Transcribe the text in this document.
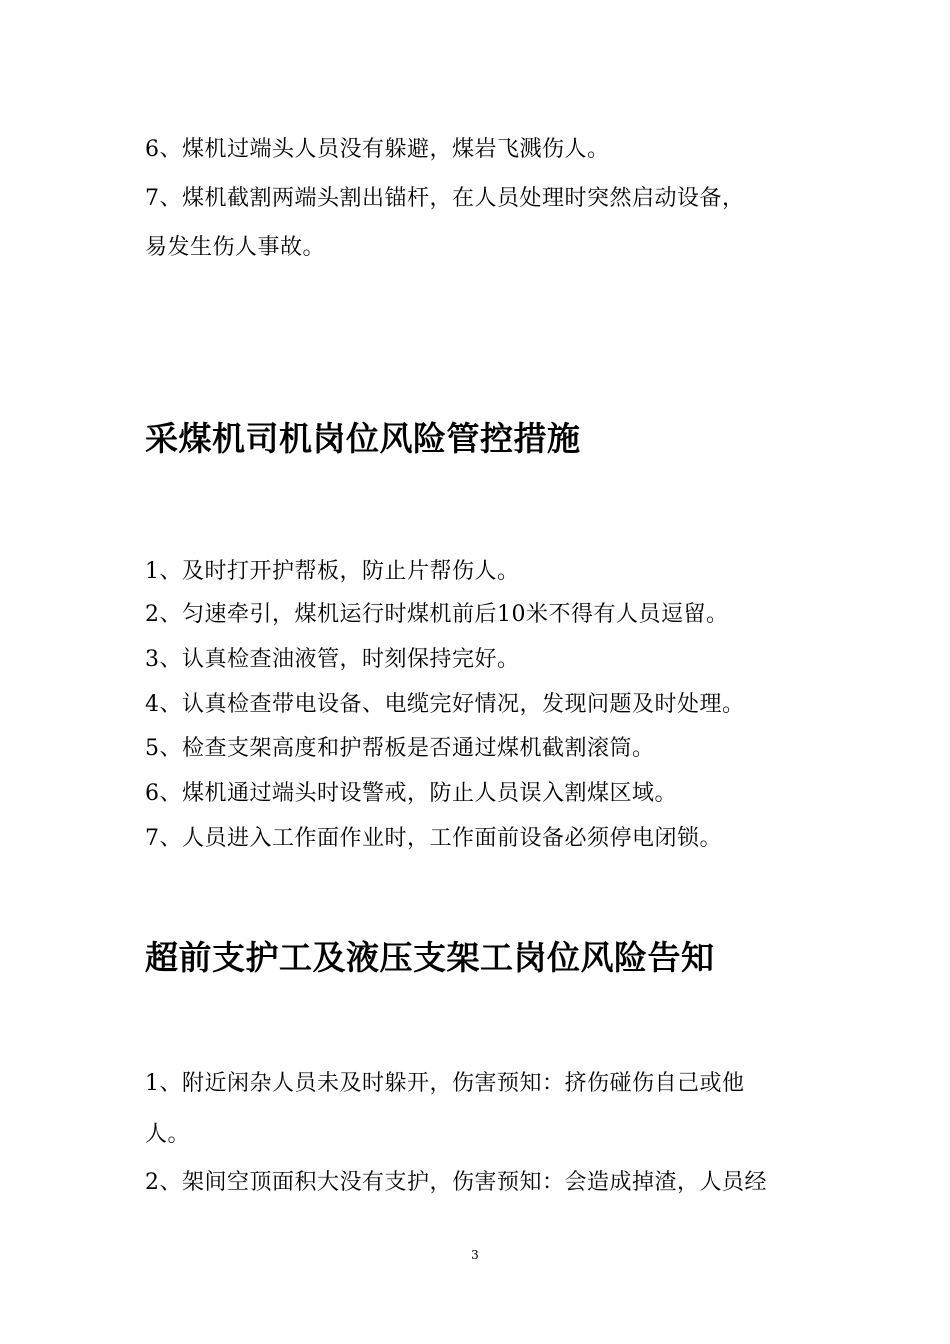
6、煤机过端头人员没有躲避，煤岩飞溅伤人。
7、煤机截割两端头割出锚杆，在人员处理时突然启动设备，
易发生伤人事故。
采煤机司机岗位风险管控措施
1、及时打开护帮板，防止片帮伤人。
2、匀速牵引，煤机运行时煤机前后10米不得有人员逗留。
3、认真检查油液管，时刻保持完好。
4、认真检查带电设备、电缆完好情况，发现问题及时处理。
5、检查支架高度和护帮板是否通过煤机截割滚筒。
6、煤机通过端头时设警戒，防止人员误入割煤区域。
7、人员进入工作面作业时，工作面前设备必须停电闭锁。
超前支护工及液压支架工岗位风险告知
1、附近闲杂人员未及时躲开，伤害预知：挤伤碰伤自己或他
人。
2、架间空顶面积大没有支护，伤害预知：会造成掉渣，人员经
3
